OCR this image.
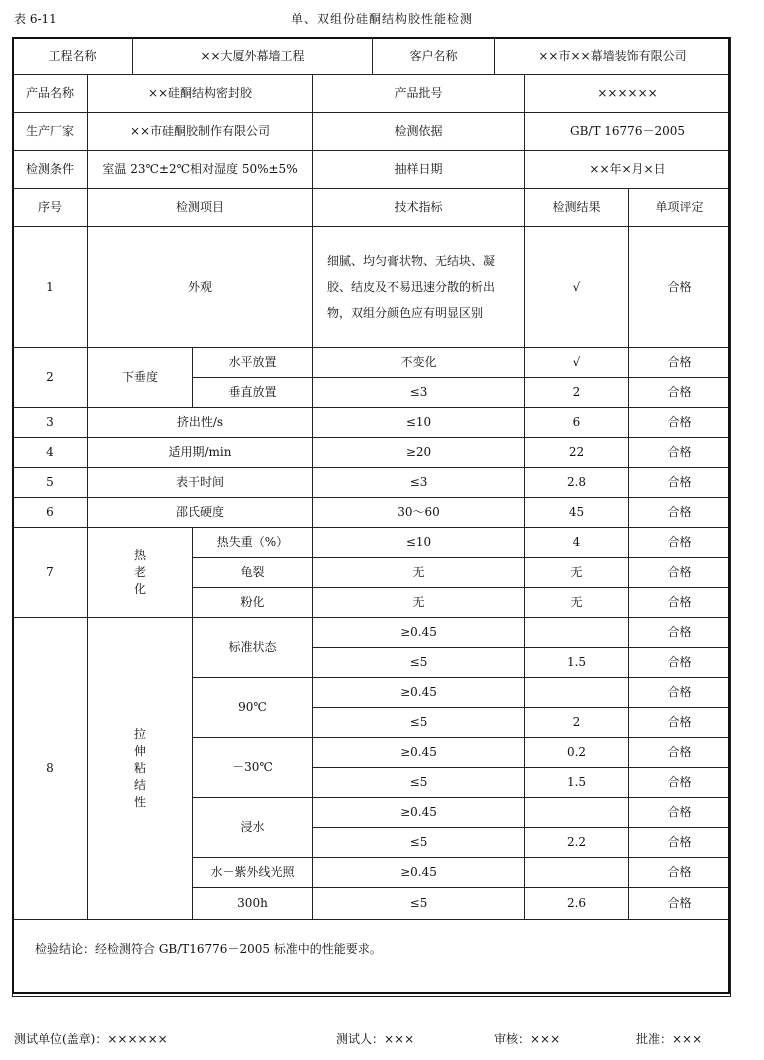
表 6-11	单、双组份硅酮结构胶性能检测
工程名称	××大厦外幕墙工程	客户名称	××市××幕墙装饰有限公司
产品名称	××硅酮结构密封胶		产品批号	××××××	
生产厂家	××市硅酮胶制作有限公司		检测依据	GB/T 16776－2005	
检测条件	室温 23℃±2℃相对湿度 50%±5%		抽样日期	××年×月×日	
序号	检测项目		技术指标	检测结果	单项评定
1	外观		细腻、均匀膏状物、无结块、凝胶、结皮及不易迅速分散的析出物，双组分颜色应有明显区别	√	合格
2	下垂度	水平放置	不变化	√	合格
		垂直放置	≤3	2	合格
3	挤出性/s		≤10	6	合格
4	适用期/min		≥20	22	合格
5	表干时间		≤3	2.8	合格
6	邵氏硬度		30～60	45	合格
7	热
老
化	热失重（%）	≤10	4	合格
		龟裂	无	无	合格
		粉化	无	无	合格
8	拉
伸
粘
结
性	标准状态	≥0.45		合格
			≤5	1.5	合格
		90℃	≥0.45		合格
			≤5	2	合格
		－30℃	≥0.45	0.2	合格
			≤5	1.5	合格
		浸水	≥0.45		合格
			≤5	2.2	合格
		水－紫外线光照	≥0.45		合格
		300h	≤5	2.6	合格
检验结论：经检测符合 GB/T16776－2005 标准中的性能要求。					
测试单位(盖章)：××××××	测试人：×××	审核：×××	批准：×××
